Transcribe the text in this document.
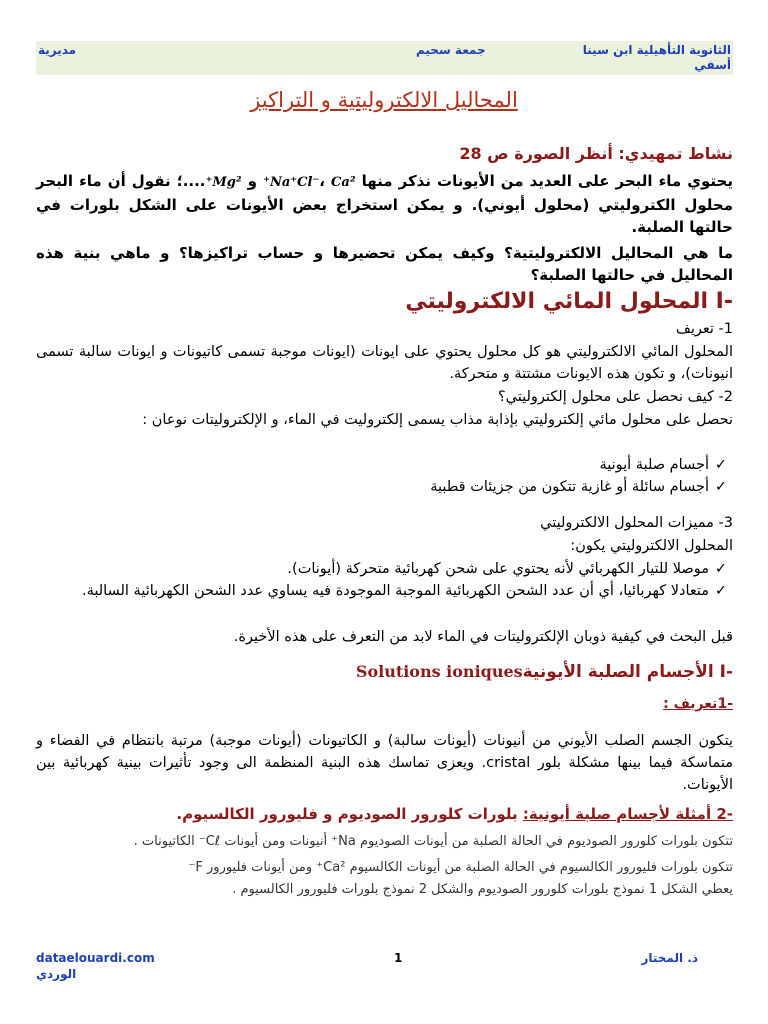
الثانوية التأهيلية ابن سينا
أسفي
جمعة سحيم
مديرية
المحاليل الالكتروليتية و التراكيز
نشاط تمهيدي: أنظر الصورة ص 28
يحتوي ماء البحر على العديد من الأيونات نذكر منها Na⁺Cl⁻، Ca²⁺ و Mg²⁺....؛ نقول أن ماء البحر محلول الكتروليتي (محلول أيوني). و يمكن استخراج بعض الأيونات على الشكل بلورات في حالتها الصلبة.
ما هي المحاليل الالكتروليتية؟ وكيف يمكن تحضيرها و حساب تراكيزها؟ و ماهي بنية هذه المحاليل في حالتها الصلبة؟
-I المحلول المائي الالكتروليتي
1- تعريف
المحلول المائي الالكتروليتي هو كل محلول يحتوي على ايونات (ايونات موجبة تسمى كاتيونات و ايونات سالبة تسمى انيونات)، و تكون هذه الايونات مشتتة و متحركة.
2- كيف نحصل على محلول إلكتروليتي؟
نحصل على محلول مائي إلكتروليتي بإذابة مذاب يسمى إلكتروليت في الماء، و الإلكتروليتات نوعان :
✓
أجسام صلبة أيونية
✓
أجسام سائلة أو غازية تتكون من جزيئات قطبية
3- مميزات المحلول الالكتروليتي
المحلول الالكتروليتي يكون:
✓
موصلا للتيار الكهربائي لأنه يحتوي على شحن كهربائية متحركة (أيونات).
✓
متعادلا كهربائيا، أي أن عدد الشحن الكهربائية الموجبة الموجودة فيه يساوي عدد الشحن الكهربائية السالبة.
قبل البحث في كيفية ذوبان الإلكتروليتات في الماء لابد من التعرف على هذه الأخيرة.
-I الأجسام الصلبة الأيونيةSolutions ioniques
-1تعريف :
يتكون الجسم الصلب الأيوني من أنيونات (أيونات سالبة) و الكاتيونات (أيونات موجبة) مرتبة بانتظام في الفضاء و متماسكة فيما بينها مشكلة بلور cristal. ويعزى تماسك هذه البنية المنظمة الى وجود تأثيرات بينية كهربائية بين الأيونات.
-2 أمثلة لأجسام صلبة أيونية: بلورات كلورور الصوديوم و فليورور الكالسيوم.
تتكون بلورات كلورور الصوديوم في الحالة الصلبة من أيونات الصوديوم Na⁺ أنيونات ومن أيونات Cℓ⁻ الكاتيونات .
تتكون بلورات فليورور الكالسيوم في الحالة الصلبة من أيونات الكالسيوم Ca²⁺ ومن أيونات فليورور F⁻
يعطي الشكل 1 نموذج بلورات كلورور الصوديوم والشكل 2 نموذج بلورات فليورور الكالسيوم .
dataelouardi.com
الوردي
1	ذ. المختار
